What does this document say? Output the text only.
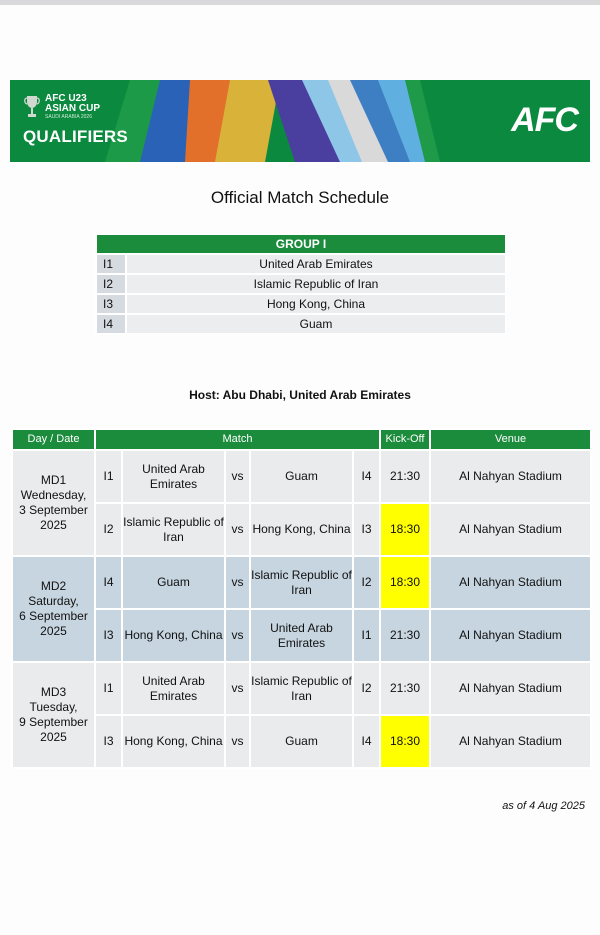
AFC U23
ASIAN CUP
SAUDI ARABIA 2026
QUALIFIERS	AFC
Official Match Schedule
GROUP I	
I1	United Arab Emirates
I2	Islamic Republic of Iran
I3	Hong Kong, China
I4	Guam
Host: Abu Dhabi, United Arab Emirates
Day / Date	Match					Kick-Off	Venue
MD1
Wednesday,
3 September
2025	I1	United Arab Emirates	vs	Guam	I4	21:30	Al Nahyan Stadium
	I2	Islamic Republic of Iran	vs	Hong Kong, China	I3	18:30	Al Nahyan Stadium
MD2
Saturday,
6 September
2025	I4	Guam	vs	Islamic Republic of Iran	I2	18:30	Al Nahyan Stadium
	I3	Hong Kong, China	vs	United Arab Emirates	I1	21:30	Al Nahyan Stadium
MD3
Tuesday,
9 September
2025	I1	United Arab Emirates	vs	Islamic Republic of Iran	I2	21:30	Al Nahyan Stadium
	I3	Hong Kong, China	vs	Guam	I4	18:30	Al Nahyan Stadium
as of 4 Aug 2025
